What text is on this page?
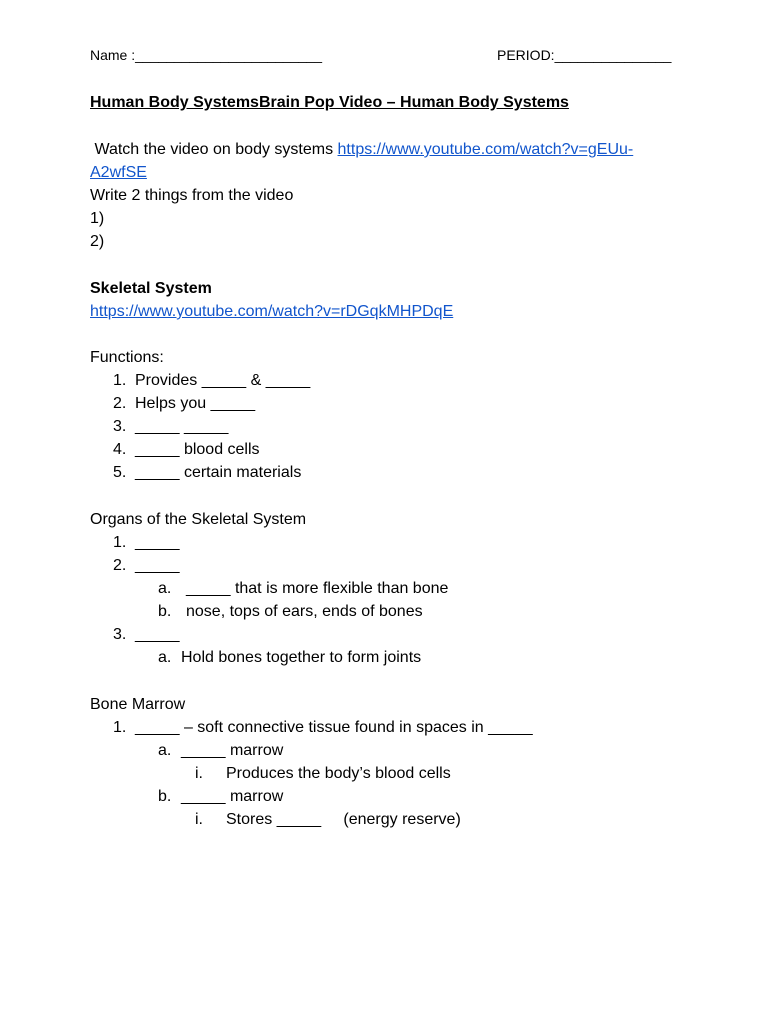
Name :________________________	PERIOD:_______________
Human Body SystemsBrain Pop Video – Human Body Systems
Watch the video on body systems https://www.youtube.com/watch?v=gEUu-
A2wfSE
Write 2 things from the video
1)
2)
Skeletal System
https://www.youtube.com/watch?v=rDGqkMHPDqE
Functions:
1. Provides _____ & _____
2. Helps you _____
3. _____ _____
4. _____ blood cells
5. _____ certain materials
Organs of the Skeletal System
1. _____
2. _____
a. _____ that is more flexible than bone
b. nose, tops of ears, ends of bones
3. _____
a. Hold bones together to form joints
Bone Marrow
1. _____ – soft connective tissue found in spaces in _____
a. _____ marrow
i. Produces the body’s blood cells
b. _____ marrow
i. Stores _____     (energy reserve)
